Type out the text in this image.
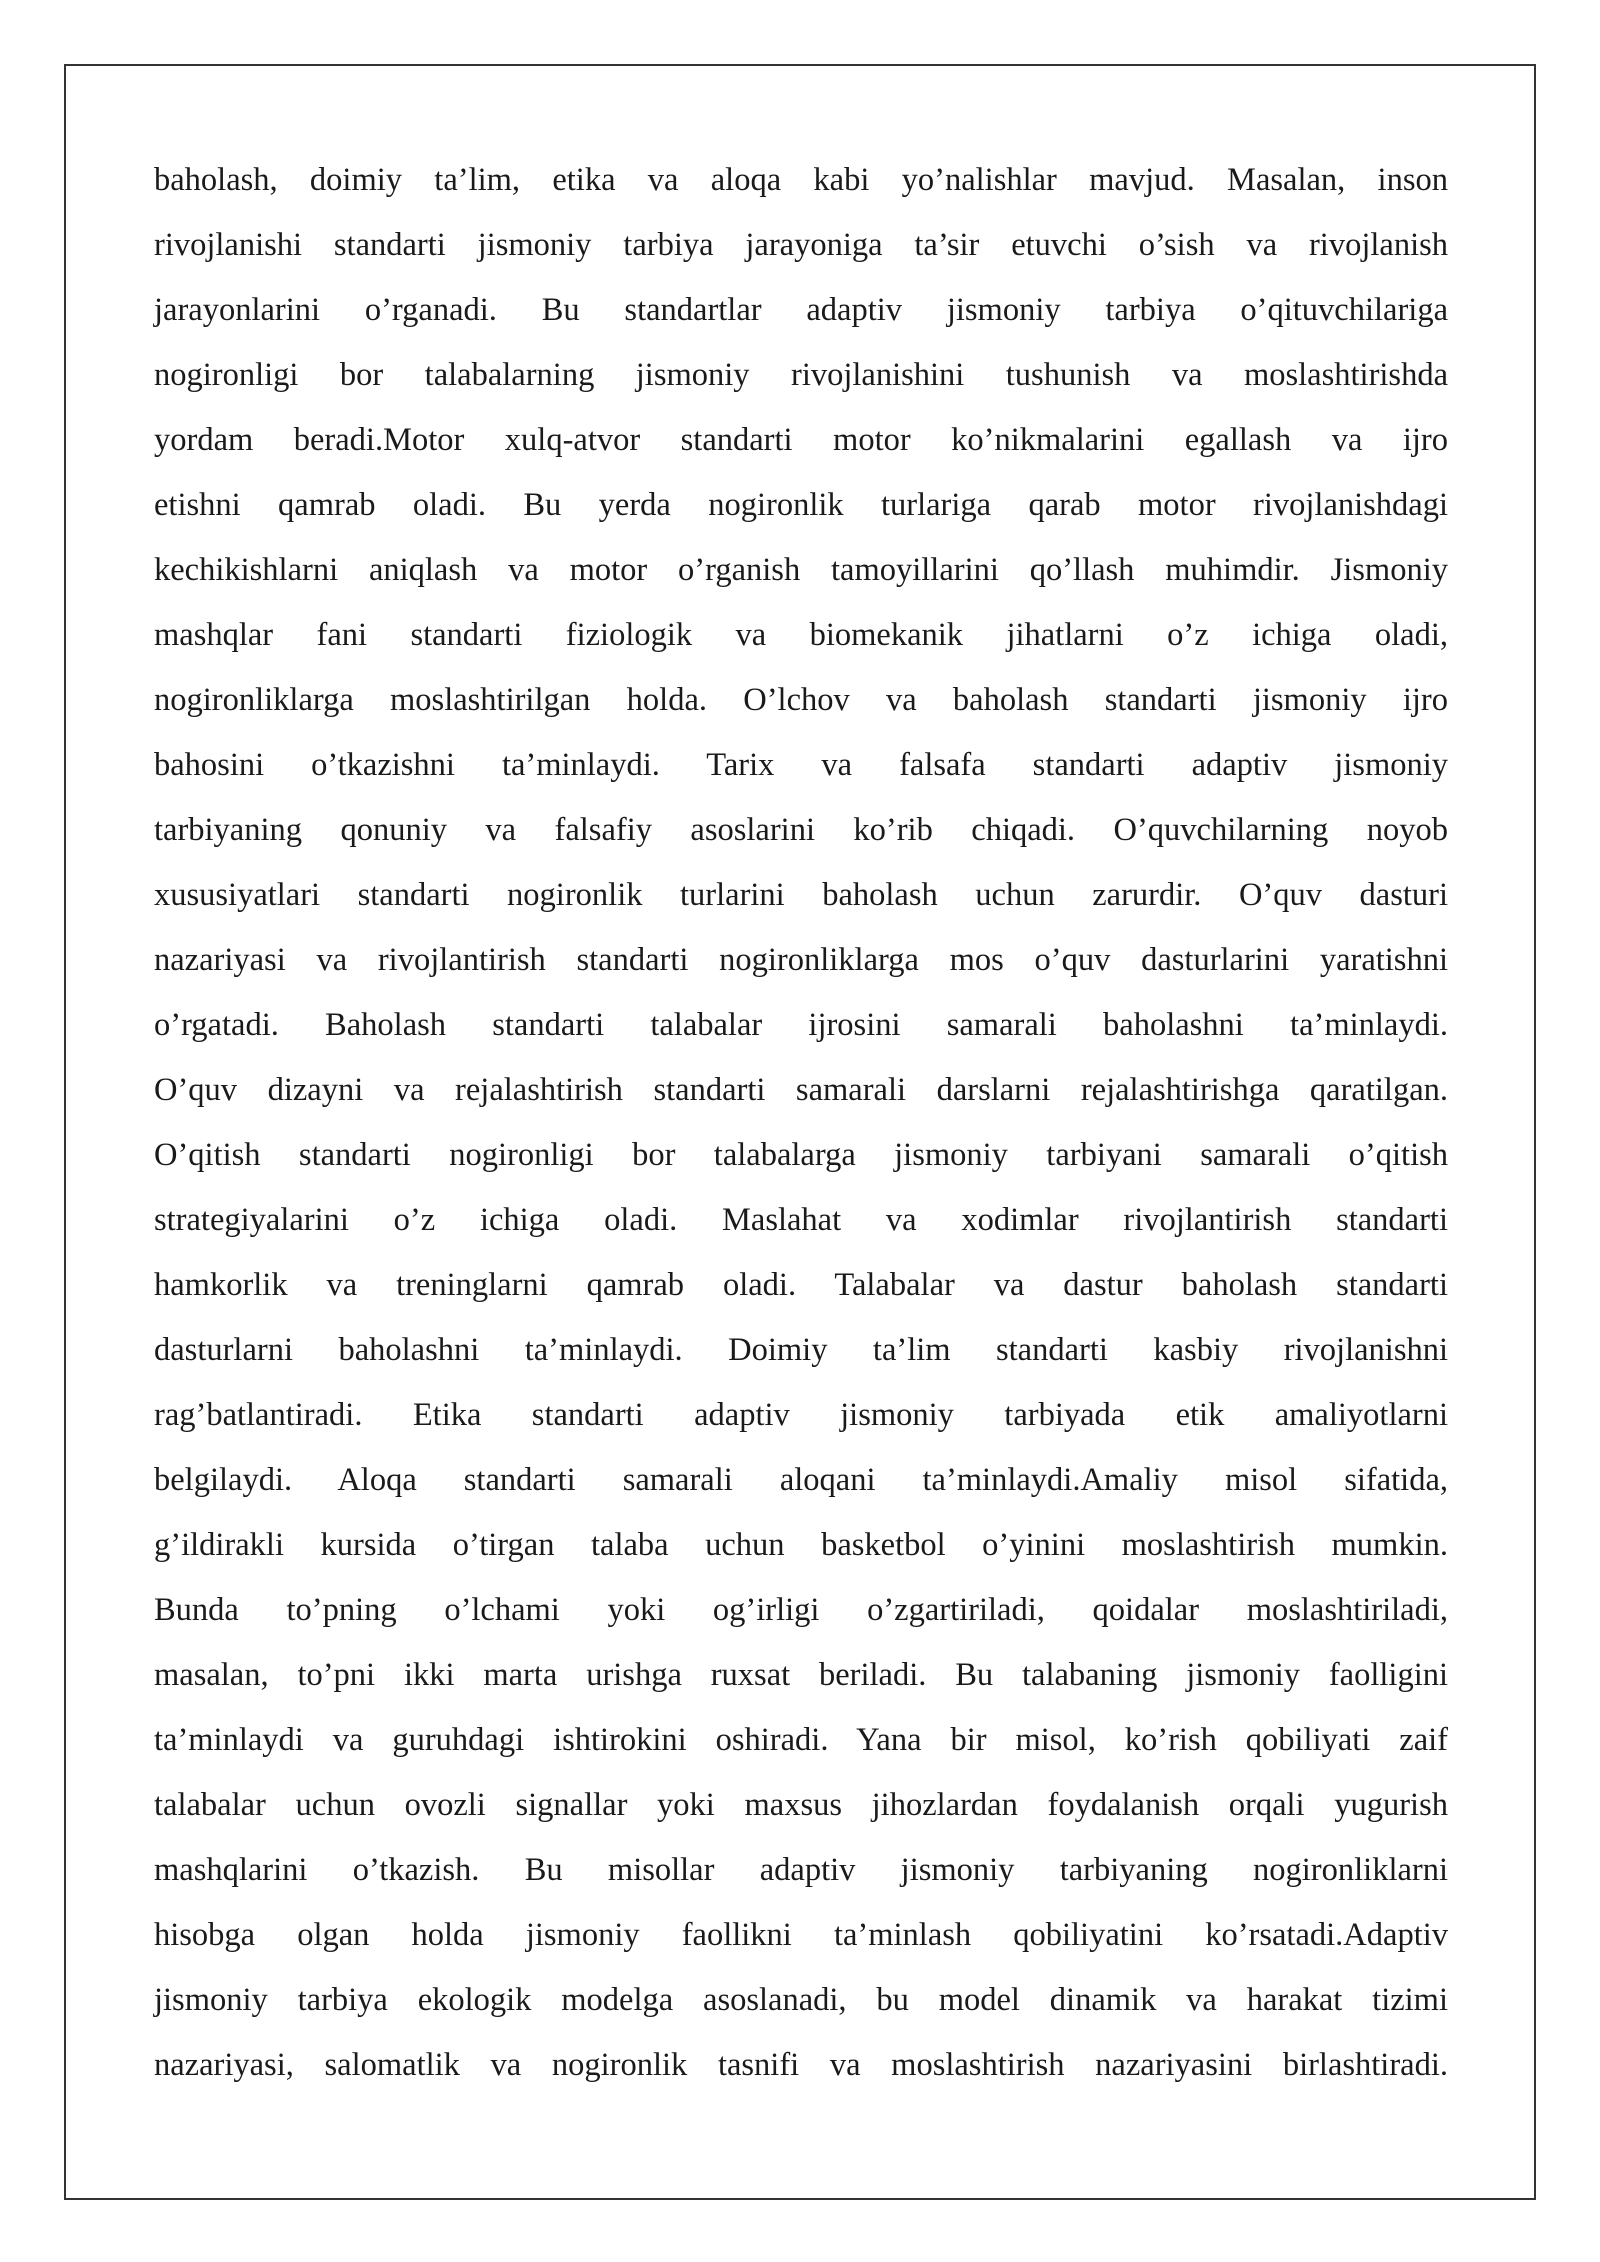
baholash, doimiy ta’lim, etika va aloqa kabi yo’nalishlar mavjud. Masalan, inson
rivojlanishi standarti jismoniy tarbiya jarayoniga ta’sir etuvchi o’sish va rivojlanish
jarayonlarini o’rganadi. Bu standartlar adaptiv jismoniy tarbiya o’qituvchilariga
nogironligi bor talabalarning jismoniy rivojlanishini tushunish va moslashtirishda
yordam beradi.Motor xulq-atvor standarti motor ko’nikmalarini egallash va ijro
etishni qamrab oladi. Bu yerda nogironlik turlariga qarab motor rivojlanishdagi
kechikishlarni aniqlash va motor o’rganish tamoyillarini qo’llash muhimdir. Jismoniy
mashqlar fani standarti fiziologik va biomekanik jihatlarni o’z ichiga oladi,
nogironliklarga moslashtirilgan holda. O’lchov va baholash standarti jismoniy ijro
bahosini o’tkazishni ta’minlaydi. Tarix va falsafa standarti adaptiv jismoniy
tarbiyaning qonuniy va falsafiy asoslarini ko’rib chiqadi. O’quvchilarning noyob
xususiyatlari standarti nogironlik turlarini baholash uchun zarurdir. O’quv dasturi
nazariyasi va rivojlantirish standarti nogironliklarga mos o’quv dasturlarini yaratishni
o’rgatadi. Baholash standarti talabalar ijrosini samarali baholashni ta’minlaydi.
O’quv dizayni va rejalashtirish standarti samarali darslarni rejalashtirishga qaratilgan.
O’qitish standarti nogironligi bor talabalarga jismoniy tarbiyani samarali o’qitish
strategiyalarini o’z ichiga oladi. Maslahat va xodimlar rivojlantirish standarti
hamkorlik va treninglarni qamrab oladi. Talabalar va dastur baholash standarti
dasturlarni baholashni ta’minlaydi. Doimiy ta’lim standarti kasbiy rivojlanishni
rag’batlantiradi. Etika standarti adaptiv jismoniy tarbiyada etik amaliyotlarni
belgilaydi. Aloqa standarti samarali aloqani ta’minlaydi.Amaliy misol sifatida,
g’ildirakli kursida o’tirgan talaba uchun basketbol o’yinini moslashtirish mumkin.
Bunda to’pning o’lchami yoki og’irligi o’zgartiriladi, qoidalar moslashtiriladi,
masalan, to’pni ikki marta urishga ruxsat beriladi. Bu talabaning jismoniy faolligini
ta’minlaydi va guruhdagi ishtirokini oshiradi. Yana bir misol, ko’rish qobiliyati zaif
talabalar uchun ovozli signallar yoki maxsus jihozlardan foydalanish orqali yugurish
mashqlarini o’tkazish. Bu misollar adaptiv jismoniy tarbiyaning nogironliklarni
hisobga olgan holda jismoniy faollikni ta’minlash qobiliyatini ko’rsatadi.Adaptiv
jismoniy tarbiya ekologik modelga asoslanadi, bu model dinamik va harakat tizimi
nazariyasi, salomatlik va nogironlik tasnifi va moslashtirish nazariyasini birlashtiradi.
